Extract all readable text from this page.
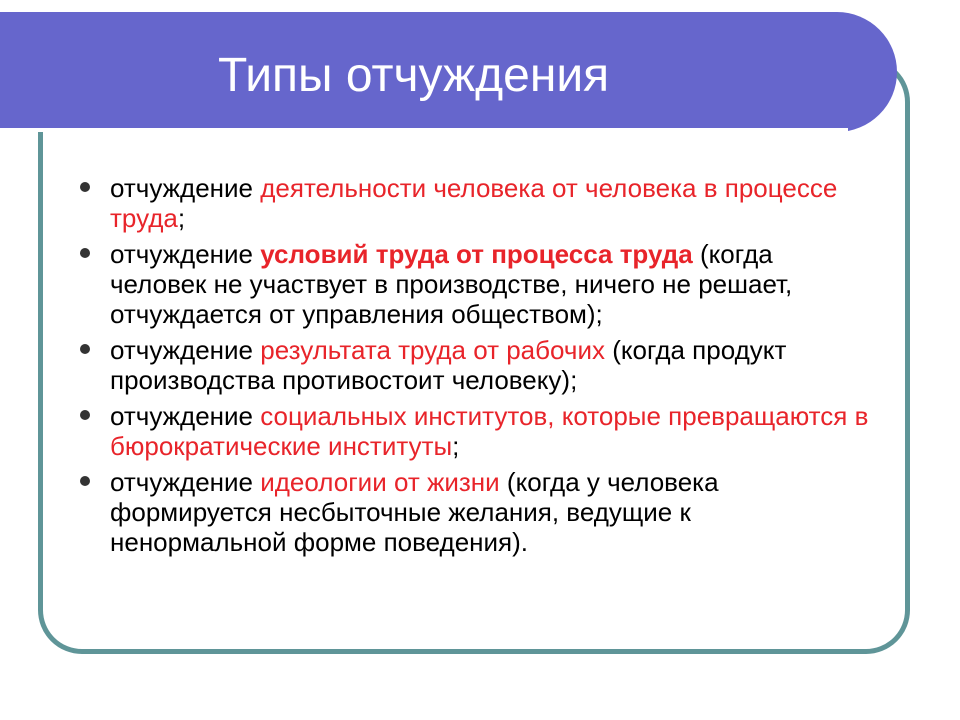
Типы отчуждения
отчуждение деятельности человека от человека в процессе труда;
отчуждение условий труда от процесса труда (когда человек не участвует в производстве, ничего не решает, отчуждается от управления обществом);
отчуждение результата труда от рабочих (когда продукт производства противостоит человеку);
отчуждение социальных институтов, которые превращаются в бюрократические институты;
отчуждение идеологии от жизни (когда у человека формируется несбыточные желания, ведущие к ненормальной форме поведения).
